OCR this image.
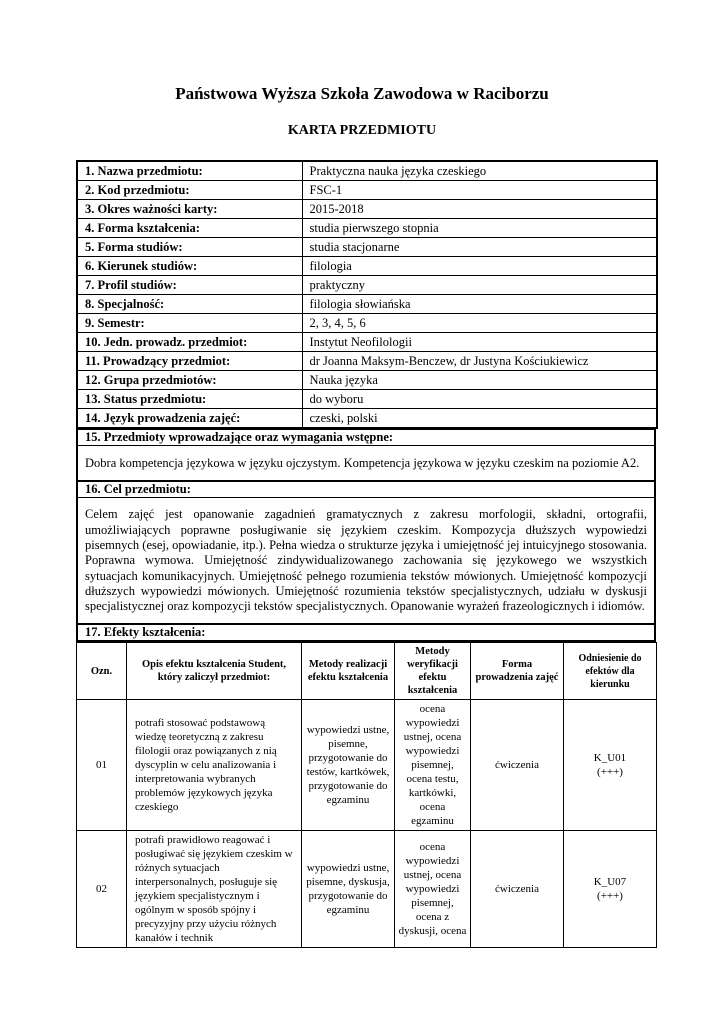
Państwowa Wyższa Szkoła Zawodowa w Raciborzu
KARTA PRZEDMIOTU
1. Nazwa przedmiotu:	Praktyczna nauka języka czeskiego
2. Kod przedmiotu:	FSC-1
3. Okres ważności karty:	2015-2018
4. Forma kształcenia:	studia pierwszego stopnia
5. Forma studiów:	studia stacjonarne
6. Kierunek studiów:	filologia
7. Profil studiów:	praktyczny
8. Specjalność:	filologia słowiańska
9. Semestr:	2, 3, 4, 5, 6
10. Jedn. prowadz. przedmiot:	Instytut Neofilologii
11. Prowadzący przedmiot:	dr Joanna Maksym-Benczew, dr Justyna Kościukiewicz
12. Grupa przedmiotów:	Nauka języka
13. Status przedmiotu:	do wyboru
14. Język prowadzenia zajęć:	czeski, polski
15. Przedmioty wprowadzające oraz wymagania wstępne:
Dobra kompetencja językowa w języku ojczystym. Kompetencja językowa w języku czeskim na poziomie A2.
16. Cel przedmiotu:
Celem zajęć jest opanowanie zagadnień gramatycznych z zakresu morfologii, składni, ortografii, umożliwiających poprawne posługiwanie się językiem czeskim. Kompozycja dłuższych wypowiedzi pisemnych (esej, opowiadanie, itp.). Pełna wiedza o strukturze języka i umiejętność jej intuicyjnego stosowania. Poprawna wymowa. Umiejętność zindywidualizowanego zachowania się językowego we wszystkich sytuacjach komunikacyjnych. Umiejętność pełnego rozumienia tekstów mówionych. Umiejętność kompozycji dłuższych wypowiedzi mówionych. Umiejętność rozumienia tekstów specjalistycznych, udziału w dyskusji specjalistycznej oraz kompozycji tekstów specjalistycznych. Opanowanie wyrażeń frazeologicznych i idiomów.
17. Efekty kształcenia:
Ozn.	Opis efektu kształcenia Student, który zaliczył przedmiot:	Metody realizacji efektu kształcenia	Metody weryfikacji efektu kształcenia	Forma prowadzenia zajęć	Odniesienie do efektów dla kierunku
01	potrafi stosować podstawową wiedzę teoretyczną z zakresu filologii oraz powiązanych z nią dyscyplin w celu analizowania i interpretowania wybranych problemów językowych języka czeskiego	wypowiedzi ustne, pisemne, przygotowanie do testów, kartkówek, przygotowanie do egzaminu	ocena wypowiedzi ustnej, ocena wypowiedzi pisemnej, ocena testu, kartkówki, ocena egzaminu	ćwiczenia	K_U01
(+++)

02	potrafi prawidłowo reagować i posługiwać się językiem czeskim w różnych sytuacjach interpersonalnych, posługuje się językiem specjalistycznym i ogólnym w sposób spójny i precyzyjny przy użyciu różnych kanałów i technik	wypowiedzi ustne, pisemne, dyskusja, przygotowanie do egzaminu	ocena wypowiedzi ustnej, ocena wypowiedzi pisemnej, ocena z dyskusji, ocena	ćwiczenia	K_U07
(+++)
